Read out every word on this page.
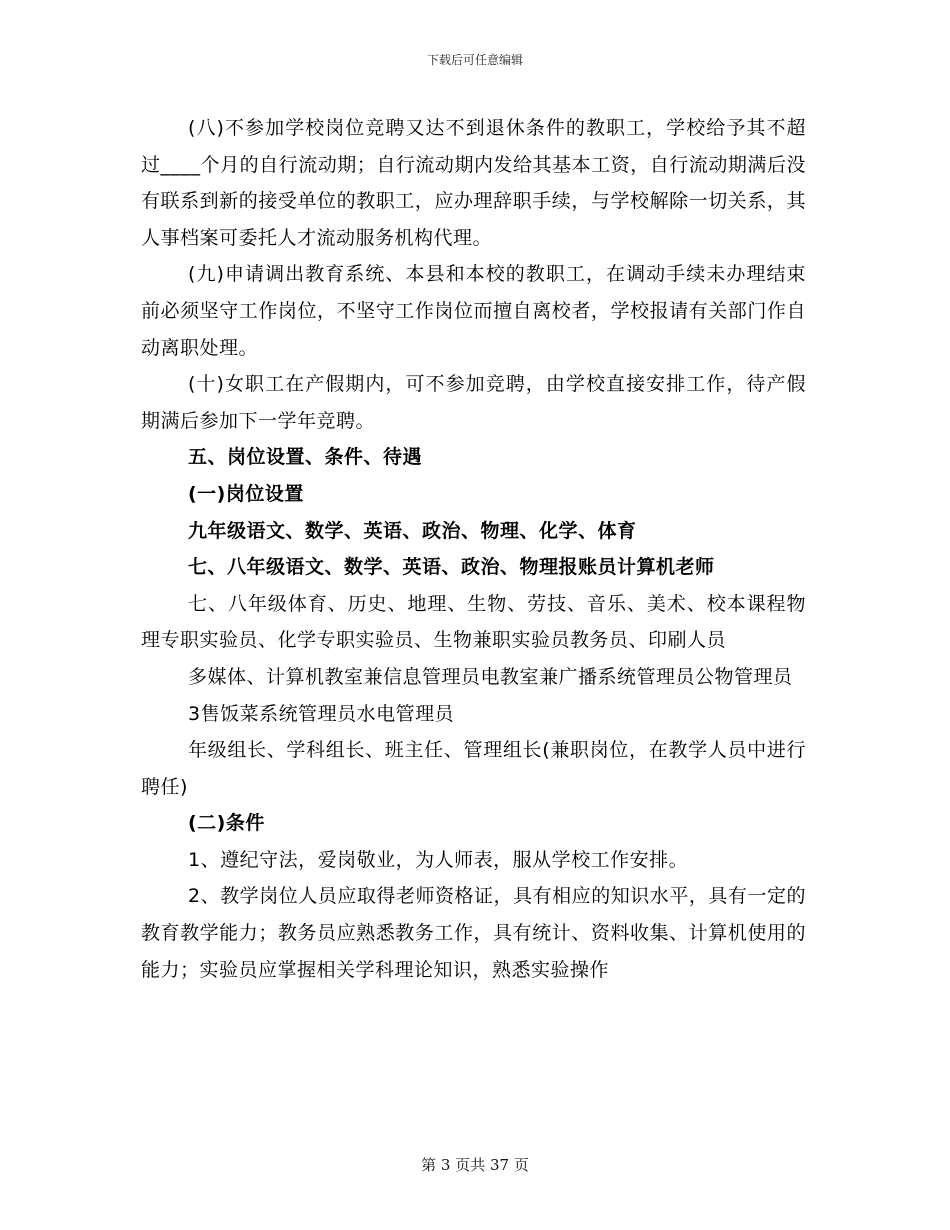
下载后可任意编辑

(八)不参加学校岗位竞聘又达不到退休条件的教职工，学校给予其不超过____个月的自行流动期；自行流动期内发给其基本工资，自行流动期满后没有联系到新的接受单位的教职工，应办理辞职手续，与学校解除一切关系，其人事档案可委托人才流动服务机构代理。

(九)申请调出教育系统、本县和本校的教职工，在调动手续未办理结束前必须坚守工作岗位，不坚守工作岗位而擅自离校者，学校报请有关部门作自动离职处理。

(十)女职工在产假期内，可不参加竞聘，由学校直接安排工作，待产假期满后参加下一学年竞聘。

五、岗位设置、条件、待遇

(一)岗位设置

九年级语文、数学、英语、政治、物理、化学、体育

七、八年级语文、数学、英语、政治、物理报账员计算机老师

七、八年级体育、历史、地理、生物、劳技、音乐、美术、校本课程物理专职实验员、化学专职实验员、生物兼职实验员教务员、印刷人员

多媒体、计算机教室兼信息管理员电教室兼广播系统管理员公物管理员

3售饭菜系统管理员水电管理员

年级组长、学科组长、班主任、管理组长(兼职岗位，在教学人员中进行聘任)

(二)条件

1、遵纪守法，爱岗敬业，为人师表，服从学校工作安排。

2、教学岗位人员应取得老师资格证，具有相应的知识水平，具有一定的教育教学能力；教务员应熟悉教务工作，具有统计、资料收集、计算机使用的能力；实验员应掌握相关学科理论知识，熟悉实验操作

第 3 页共 37 页
